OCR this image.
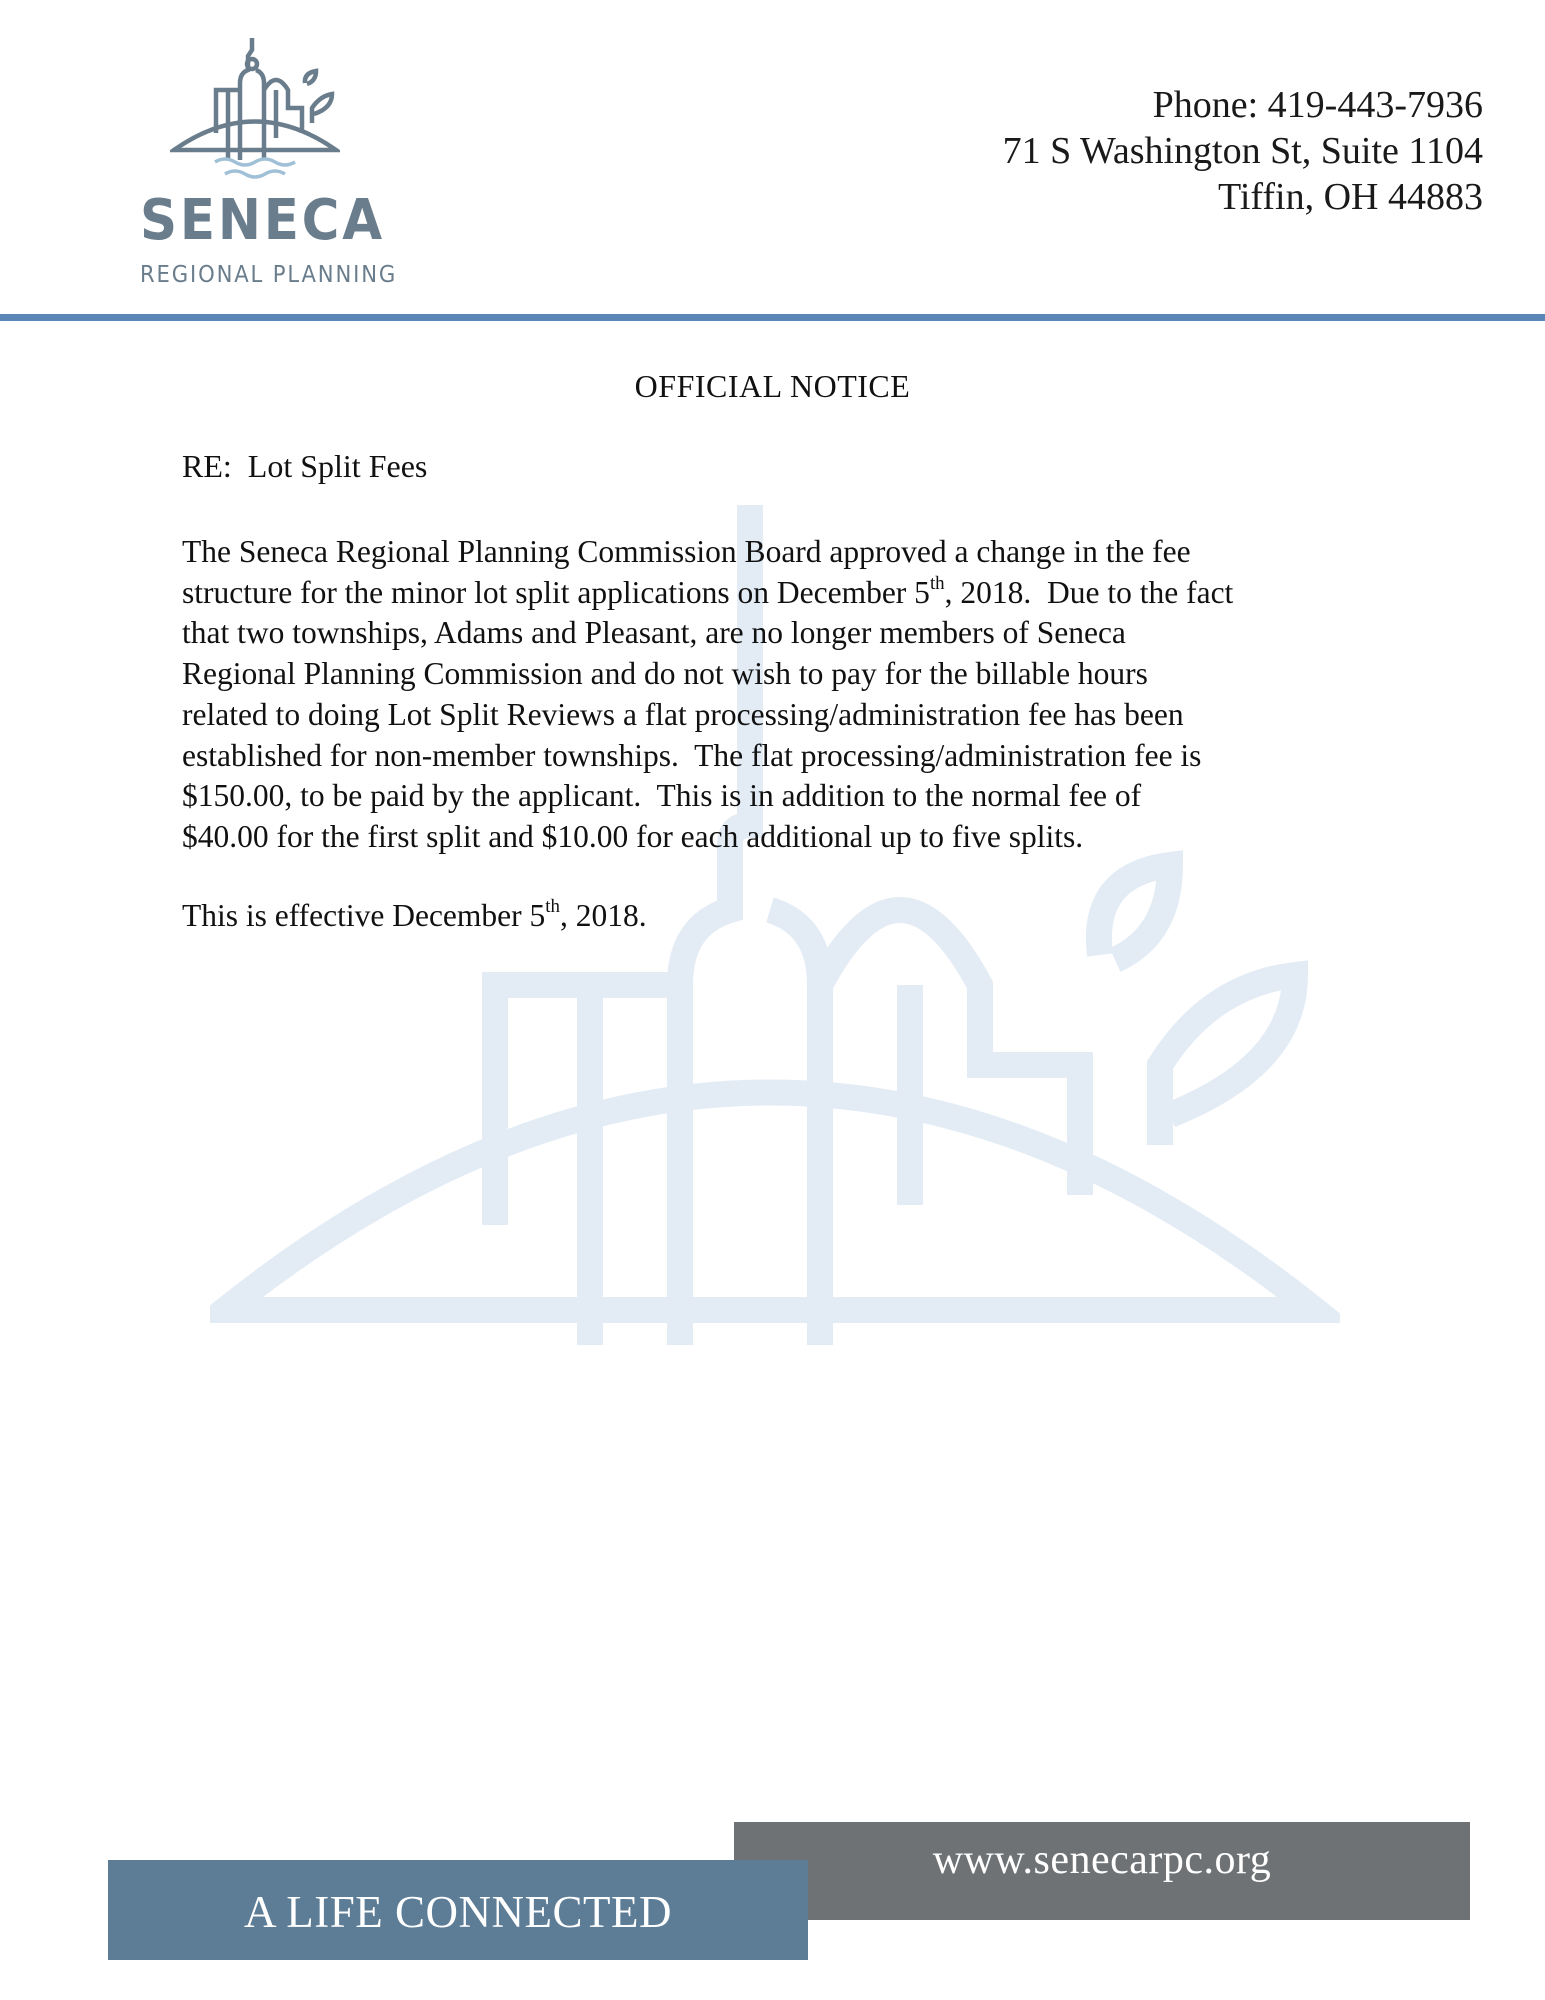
SENECA
REGIONAL PLANNING
Phone: 419-443-7936
71 S Washington St, Suite 1104
Tiffin, OH 44883
OFFICIAL NOTICE
RE:  Lot Split Fees
The Seneca Regional Planning Commission Board approved a change in the fee
structure for the minor lot split applications on December 5th, 2018.  Due to the fact
that two townships, Adams and Pleasant, are no longer members of Seneca
Regional Planning Commission and do not wish to pay for the billable hours
related to doing Lot Split Reviews a flat processing/administration fee has been
established for non-member townships.  The flat processing/administration fee is
$150.00, to be paid by the applicant.  This is in addition to the normal fee of
$40.00 for the first split and $10.00 for each additional up to five splits.
This is effective December 5th, 2018.
www.senecarpc.org
A LIFE CONNECTED
